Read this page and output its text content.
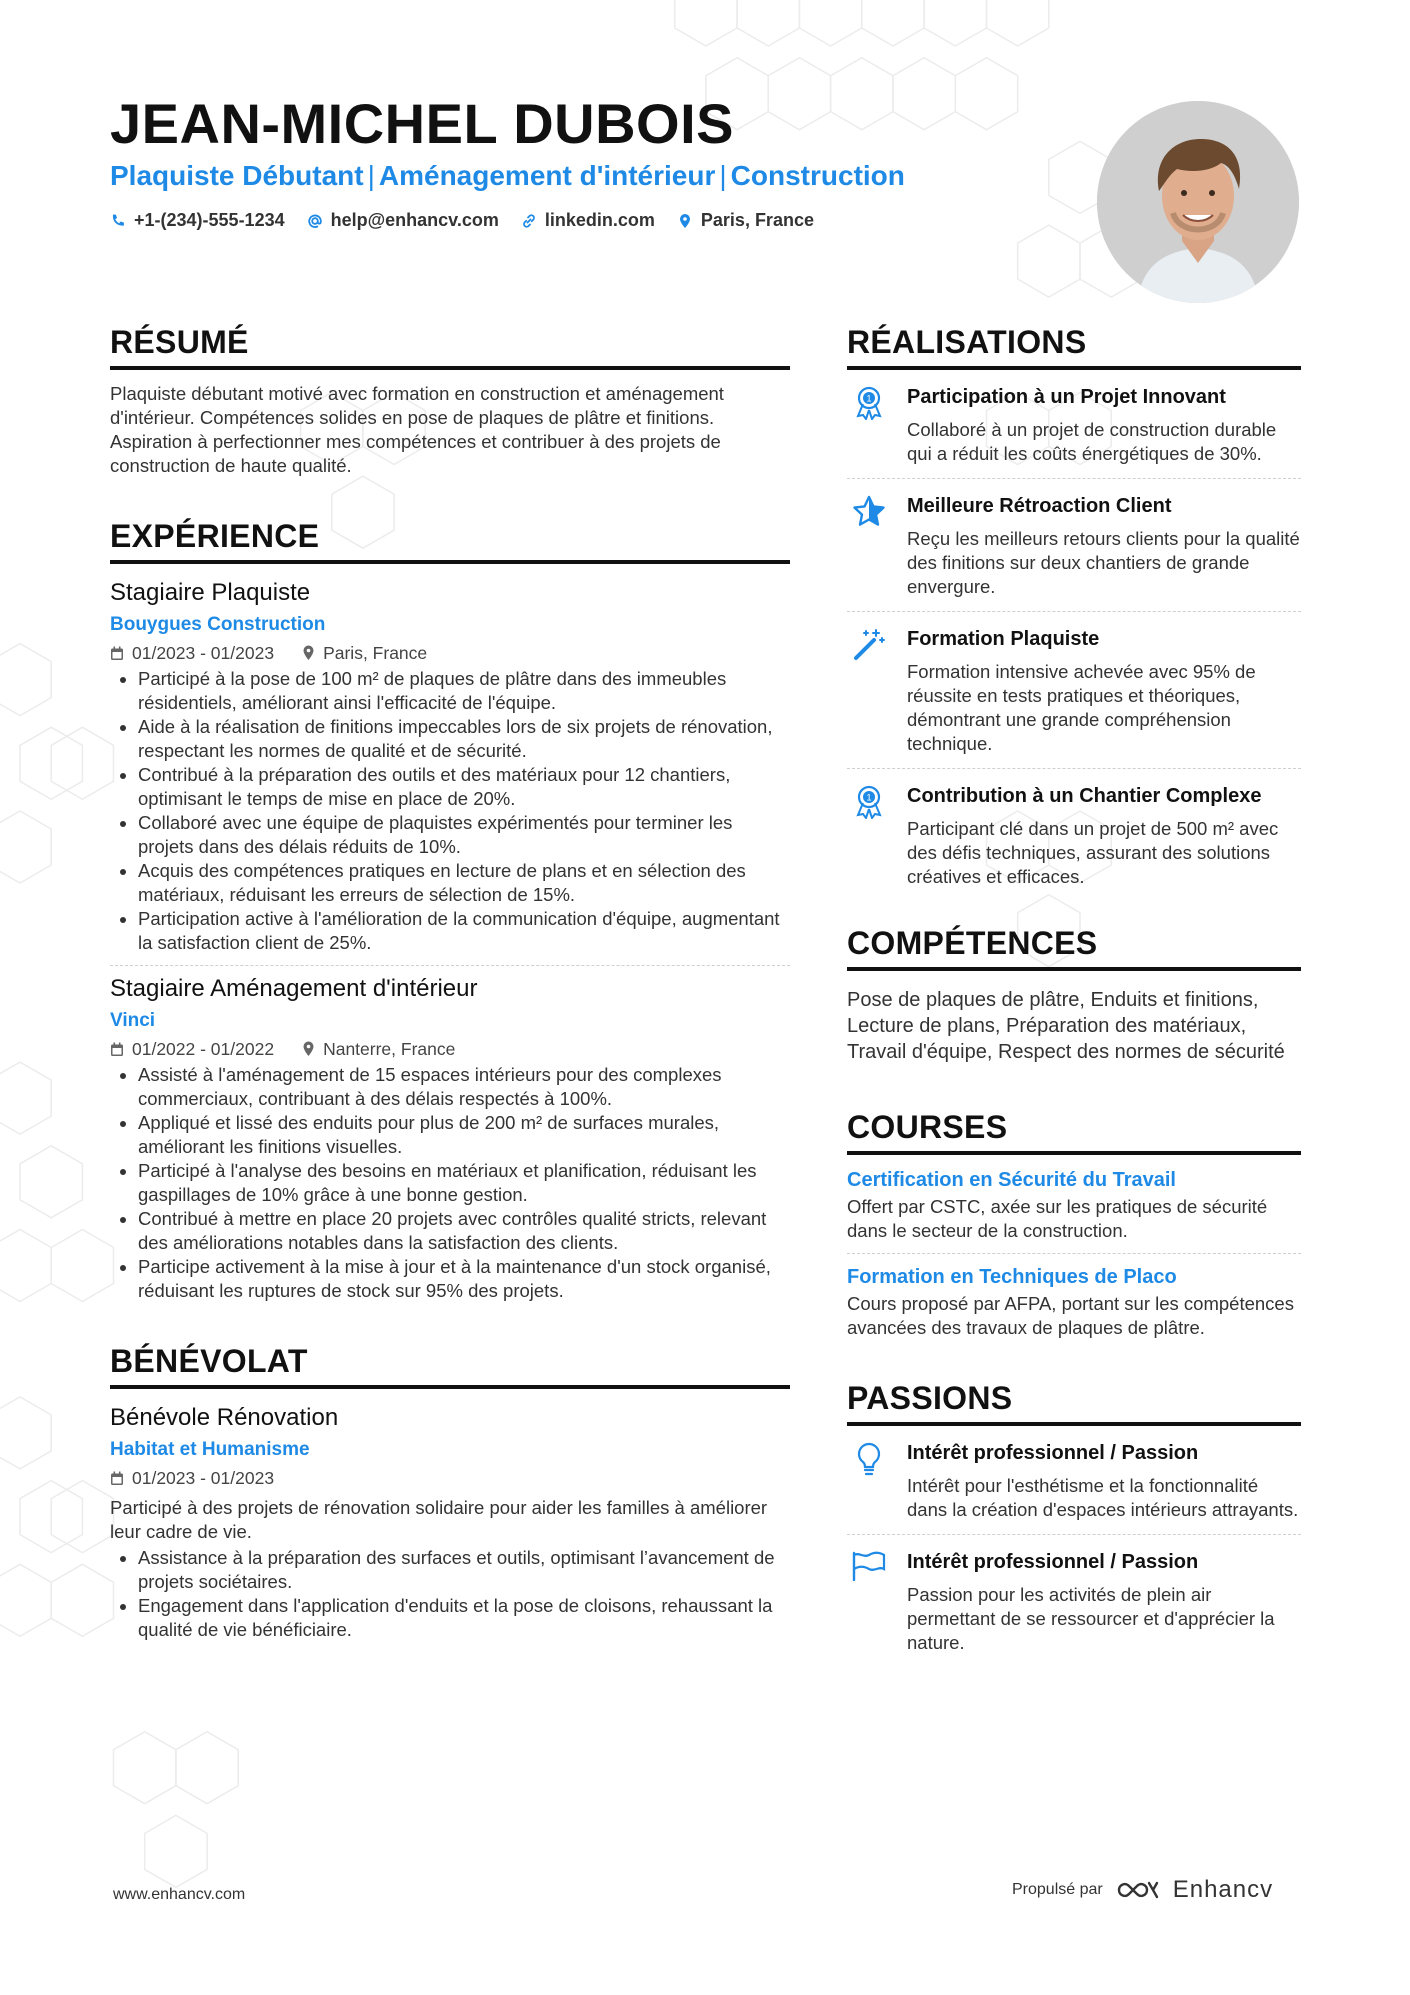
JEAN-MICHEL DUBOIS
Plaquiste Débutant | Aménagement d'intérieur | Construction
+1-(234)-555-1234	help@enhancv.com	linkedin.com	Paris, France
RÉSUMÉ
Plaquiste débutant motivé avec formation en construction et aménagement d'intérieur. Compétences solides en pose de plaques de plâtre et finitions. Aspiration à perfectionner mes compétences et contribuer à des projets de construction de haute qualité.
EXPÉRIENCE
Stagiaire Plaquiste
Bouygues Construction
01/2023 - 01/2023	Paris, France
• Participé à la pose de 100 m² de plaques de plâtre dans des immeubles résidentiels, améliorant ainsi l'efficacité de l'équipe.
• Aide à la réalisation de finitions impeccables lors de six projets de rénovation, respectant les normes de qualité et de sécurité.
• Contribué à la préparation des outils et des matériaux pour 12 chantiers, optimisant le temps de mise en place de 20%.
• Collaboré avec une équipe de plaquistes expérimentés pour terminer les projets dans des délais réduits de 10%.
• Acquis des compétences pratiques en lecture de plans et en sélection des matériaux, réduisant les erreurs de sélection de 15%.
• Participation active à l'amélioration de la communication d'équipe, augmentant la satisfaction client de 25%.
Stagiaire Aménagement d'intérieur
Vinci
01/2022 - 01/2022	Nanterre, France
• Assisté à l'aménagement de 15 espaces intérieurs pour des complexes commerciaux, contribuant à des délais respectés à 100%.
• Appliqué et lissé des enduits pour plus de 200 m² de surfaces murales, améliorant les finitions visuelles.
• Participé à l'analyse des besoins en matériaux et planification, réduisant les gaspillages de 10% grâce à une bonne gestion.
• Contribué à mettre en place 20 projets avec contrôles qualité stricts, relevant des améliorations notables dans la satisfaction des clients.
• Participe activement à la mise à jour et à la maintenance d'un stock organisé, réduisant les ruptures de stock sur 95% des projets.
BÉNÉVOLAT
Bénévole Rénovation
Habitat et Humanisme
01/2023 - 01/2023
Participé à des projets de rénovation solidaire pour aider les familles à améliorer leur cadre de vie.
• Assistance à la préparation des surfaces et outils, optimisant l’avancement de projets sociétaires.
• Engagement dans l'application d'enduits et la pose de cloisons, rehaussant la qualité de vie bénéficiaire.
RÉALISATIONS
1 Participation à un Projet Innovant
Collaboré à un projet de construction durable qui a réduit les coûts énergétiques de 30%.
Meilleure Rétroaction Client
Reçu les meilleurs retours clients pour la qualité des finitions sur deux chantiers de grande envergure.
Formation Plaquiste
Formation intensive achevée avec 95% de réussite en tests pratiques et théoriques, démontrant une grande compréhension technique.
1 Contribution à un Chantier Complexe
Participant clé dans un projet de 500 m² avec des défis techniques, assurant des solutions créatives et efficaces.
COMPÉTENCES
Pose de plaques de plâtre, Enduits et finitions, Lecture de plans, Préparation des matériaux, Travail d'équipe, Respect des normes de sécurité
COURSES
Certification en Sécurité du Travail
Offert par CSTC, axée sur les pratiques de sécurité dans le secteur de la construction.
Formation en Techniques de Placo
Cours proposé par AFPA, portant sur les compétences avancées des travaux de plaques de plâtre.
PASSIONS
Intérêt professionnel / Passion
Intérêt pour l'esthétisme et la fonctionnalité dans la création d'espaces intérieurs attrayants.
Intérêt professionnel / Passion
Passion pour les activités de plein air permettant de se ressourcer et d'apprécier la nature.
www.enhancv.com	Propulsé par	Enhancv
